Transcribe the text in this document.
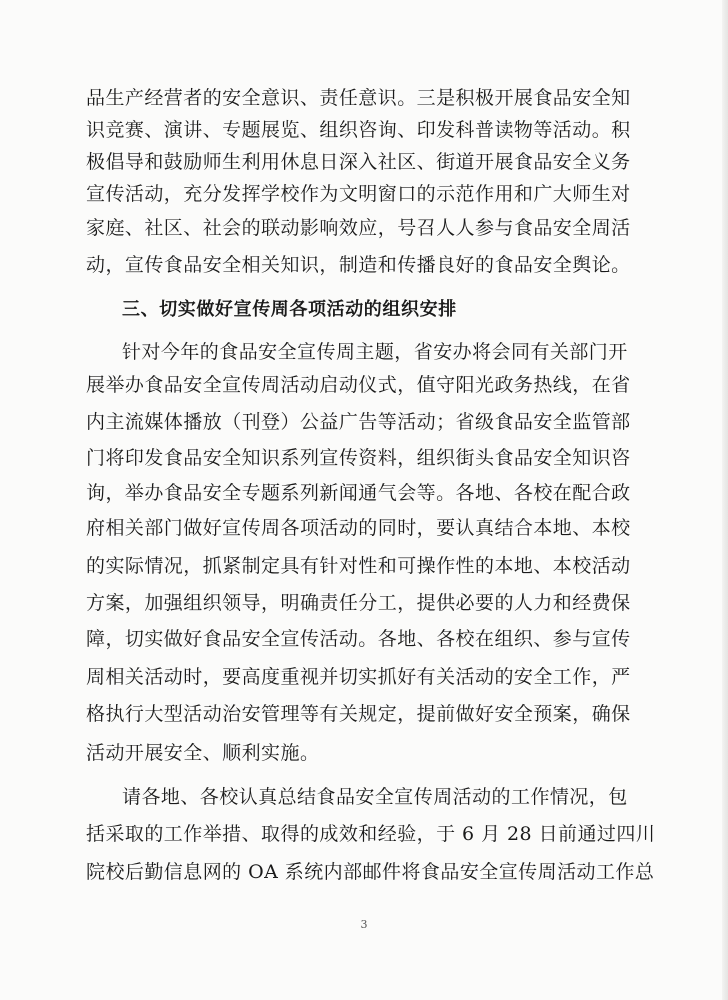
品生产经营者的安全意识、责任意识。三是积极开展食品安全知
识竞赛、演讲、专题展览、组织咨询、印发科普读物等活动。积
极倡导和鼓励师生利用休息日深入社区、街道开展食品安全义务
宣传活动，充分发挥学校作为文明窗口的示范作用和广大师生对
家庭、社区、社会的联动影响效应，号召人人参与食品安全周活
动，宣传食品安全相关知识，制造和传播良好的食品安全舆论。
三、切实做好宣传周各项活动的组织安排
针对今年的食品安全宣传周主题，省安办将会同有关部门开
展举办食品安全宣传周活动启动仪式，值守阳光政务热线，在省
内主流媒体播放（刊登）公益广告等活动；省级食品安全监管部
门将印发食品安全知识系列宣传资料，组织街头食品安全知识咨
询，举办食品安全专题系列新闻通气会等。各地、各校在配合政
府相关部门做好宣传周各项活动的同时，要认真结合本地、本校
的实际情况，抓紧制定具有针对性和可操作性的本地、本校活动
方案，加强组织领导，明确责任分工，提供必要的人力和经费保
障，切实做好食品安全宣传活动。各地、各校在组织、参与宣传
周相关活动时，要高度重视并切实抓好有关活动的安全工作，严
格执行大型活动治安管理等有关规定，提前做好安全预案，确保
活动开展安全、顺利实施。
请各地、各校认真总结食品安全宣传周活动的工作情况，包
括采取的工作举措、取得的成效和经验，于 6 月 28 日前通过四川
院校后勤信息网的 OA 系统内部邮件将食品安全宣传周活动工作总
3
